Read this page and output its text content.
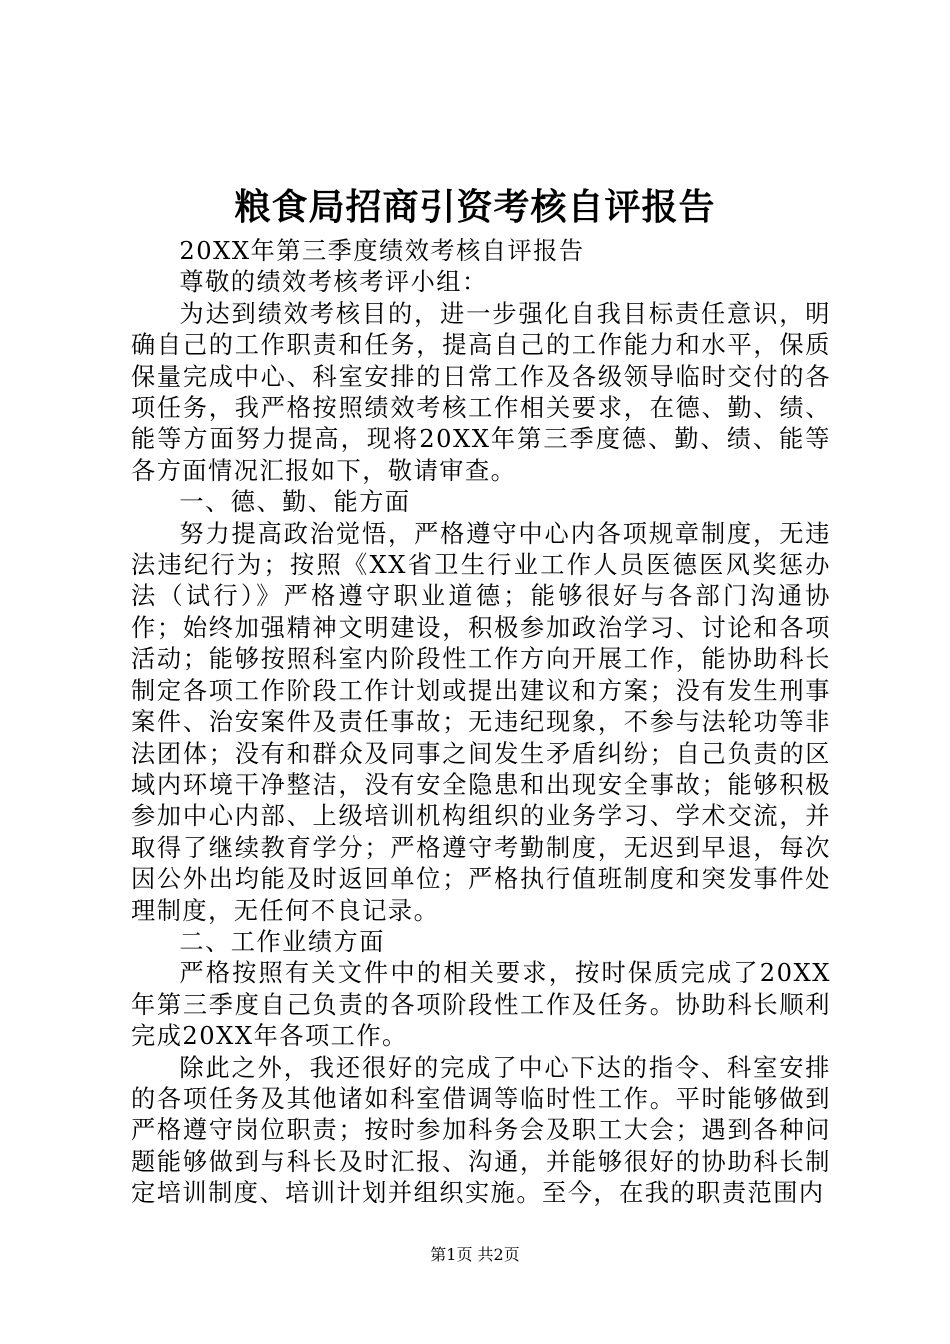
粮食局招商引资考核自评报告

20XX年第三季度绩效考核自评报告

尊敬的绩效考核考评小组：

为达到绩效考核目的，进一步强化自我目标责任意识，明确自己的工作职责和任务，提高自己的工作能力和水平，保质保量完成中心、科室安排的日常工作及各级领导临时交付的各项任务，我严格按照绩效考核工作相关要求，在德、勤、绩、能等方面努力提高，现将20XX年第三季度德、勤、绩、能等各方面情况汇报如下，敬请审查。

一、德、勤、能方面

努力提高政治觉悟，严格遵守中心内各项规章制度，无违法违纪行为；按照《XX省卫生行业工作人员医德医风奖惩办法（试行）》严格遵守职业道德；能够很好与各部门沟通协作；始终加强精神文明建设，积极参加政治学习、讨论和各项活动；能够按照科室内阶段性工作方向开展工作，能协助科长制定各项工作阶段工作计划或提出建议和方案；没有发生刑事案件、治安案件及责任事故；无违纪现象，不参与法轮功等非法团体；没有和群众及同事之间发生矛盾纠纷；自己负责的区域内环境干净整洁，没有安全隐患和出现安全事故；能够积极参加中心内部、上级培训机构组织的业务学习、学术交流，并取得了继续教育学分；严格遵守考勤制度，无迟到早退，每次因公外出均能及时返回单位；严格执行值班制度和突发事件处理制度，无任何不良记录。

二、工作业绩方面

严格按照有关文件中的相关要求，按时保质完成了20XX年第三季度自己负责的各项阶段性工作及任务。协助科长顺利完成20XX年各项工作。

除此之外，我还很好的完成了中心下达的指令、科室安排的各项任务及其他诸如科室借调等临时性工作。平时能够做到严格遵守岗位职责；按时参加科务会及职工大会；遇到各种问题能够做到与科长及时汇报、沟通，并能够很好的协助科长制定培训制度、培训计划并组织实施。至今，在我的职责范围内

第1页 共2页
